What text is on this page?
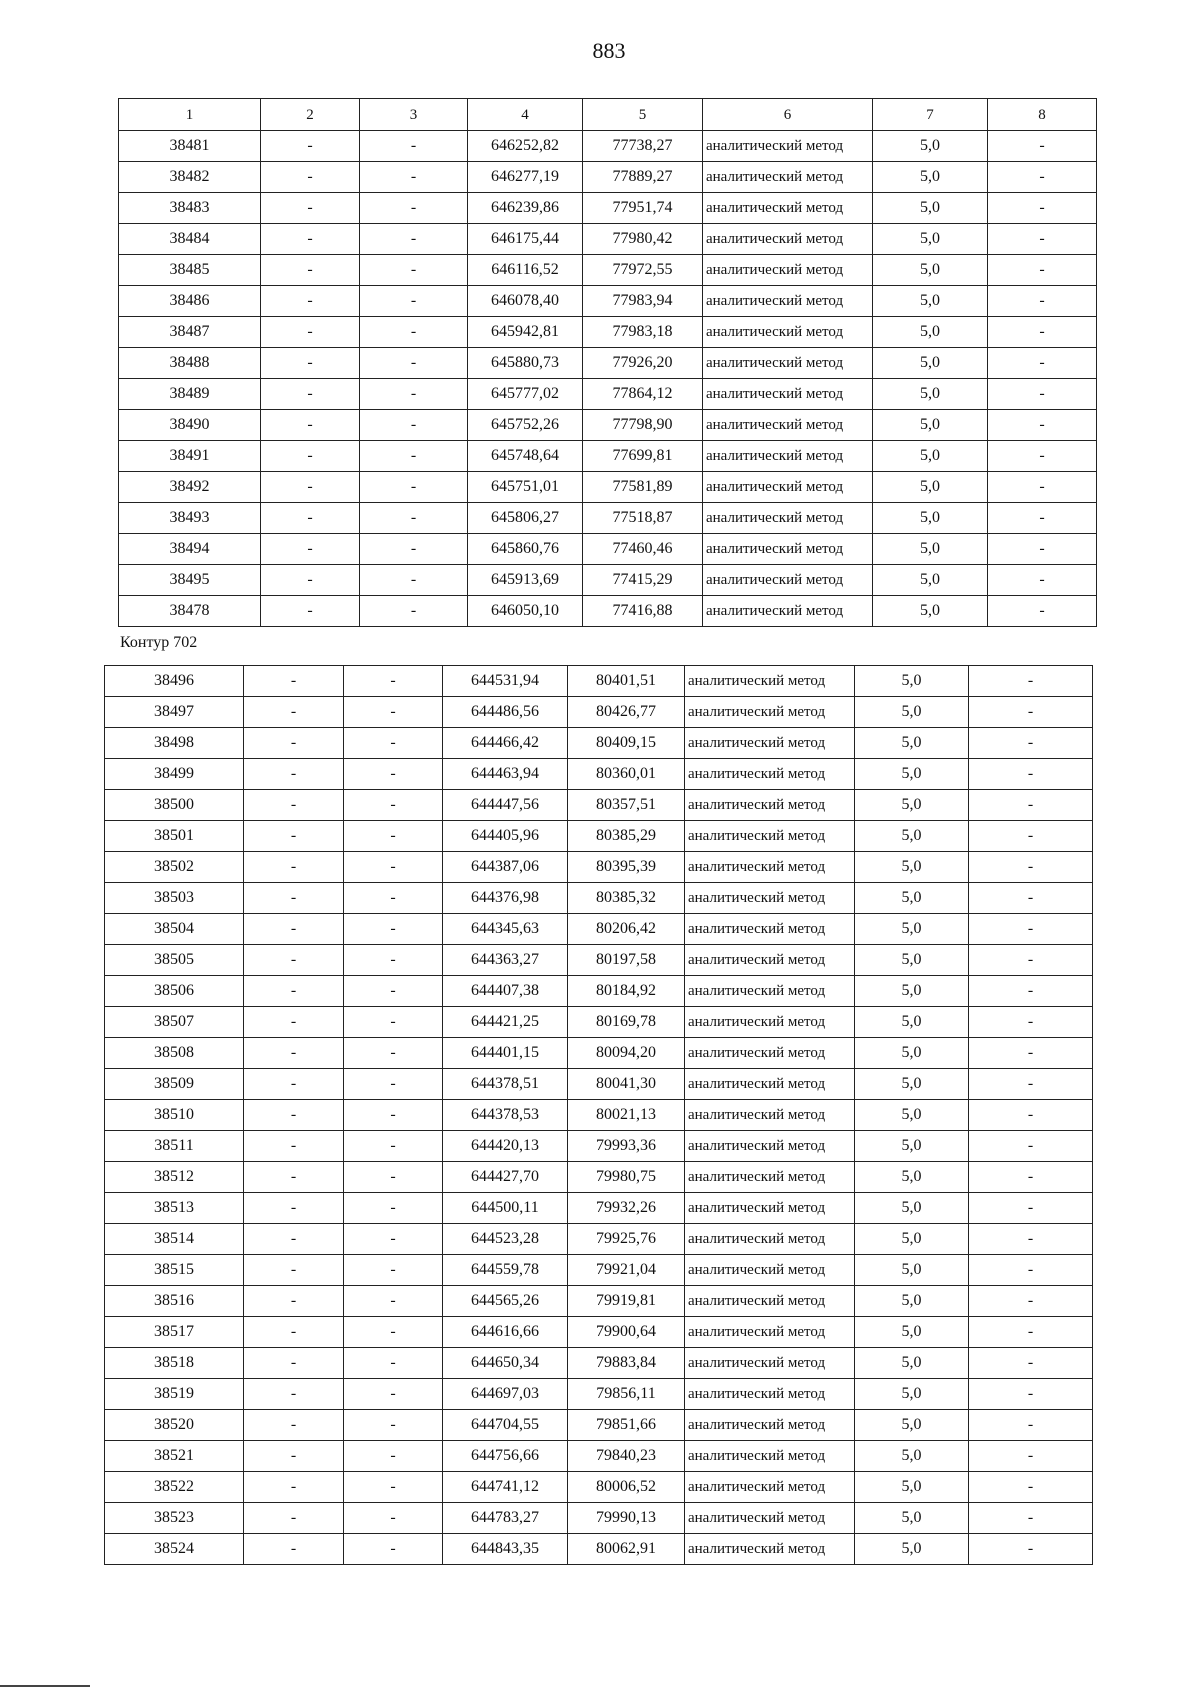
883
1	2	3	4	5	6	7	8
38481	-	-	646252,82	77738,27	аналитический метод	5,0	-
38482	-	-	646277,19	77889,27	аналитический метод	5,0	-
38483	-	-	646239,86	77951,74	аналитический метод	5,0	-
38484	-	-	646175,44	77980,42	аналитический метод	5,0	-
38485	-	-	646116,52	77972,55	аналитический метод	5,0	-
38486	-	-	646078,40	77983,94	аналитический метод	5,0	-
38487	-	-	645942,81	77983,18	аналитический метод	5,0	-
38488	-	-	645880,73	77926,20	аналитический метод	5,0	-
38489	-	-	645777,02	77864,12	аналитический метод	5,0	-
38490	-	-	645752,26	77798,90	аналитический метод	5,0	-
38491	-	-	645748,64	77699,81	аналитический метод	5,0	-
38492	-	-	645751,01	77581,89	аналитический метод	5,0	-
38493	-	-	645806,27	77518,87	аналитический метод	5,0	-
38494	-	-	645860,76	77460,46	аналитический метод	5,0	-
38495	-	-	645913,69	77415,29	аналитический метод	5,0	-
38478	-	-	646050,10	77416,88	аналитический метод	5,0	-
Контур 702
38496	-	-	644531,94	80401,51	аналитический метод	5,0	-
38497	-	-	644486,56	80426,77	аналитический метод	5,0	-
38498	-	-	644466,42	80409,15	аналитический метод	5,0	-
38499	-	-	644463,94	80360,01	аналитический метод	5,0	-
38500	-	-	644447,56	80357,51	аналитический метод	5,0	-
38501	-	-	644405,96	80385,29	аналитический метод	5,0	-
38502	-	-	644387,06	80395,39	аналитический метод	5,0	-
38503	-	-	644376,98	80385,32	аналитический метод	5,0	-
38504	-	-	644345,63	80206,42	аналитический метод	5,0	-
38505	-	-	644363,27	80197,58	аналитический метод	5,0	-
38506	-	-	644407,38	80184,92	аналитический метод	5,0	-
38507	-	-	644421,25	80169,78	аналитический метод	5,0	-
38508	-	-	644401,15	80094,20	аналитический метод	5,0	-
38509	-	-	644378,51	80041,30	аналитический метод	5,0	-
38510	-	-	644378,53	80021,13	аналитический метод	5,0	-
38511	-	-	644420,13	79993,36	аналитический метод	5,0	-
38512	-	-	644427,70	79980,75	аналитический метод	5,0	-
38513	-	-	644500,11	79932,26	аналитический метод	5,0	-
38514	-	-	644523,28	79925,76	аналитический метод	5,0	-
38515	-	-	644559,78	79921,04	аналитический метод	5,0	-
38516	-	-	644565,26	79919,81	аналитический метод	5,0	-
38517	-	-	644616,66	79900,64	аналитический метод	5,0	-
38518	-	-	644650,34	79883,84	аналитический метод	5,0	-
38519	-	-	644697,03	79856,11	аналитический метод	5,0	-
38520	-	-	644704,55	79851,66	аналитический метод	5,0	-
38521	-	-	644756,66	79840,23	аналитический метод	5,0	-
38522	-	-	644741,12	80006,52	аналитический метод	5,0	-
38523	-	-	644783,27	79990,13	аналитический метод	5,0	-
38524	-	-	644843,35	80062,91	аналитический метод	5,0	-
